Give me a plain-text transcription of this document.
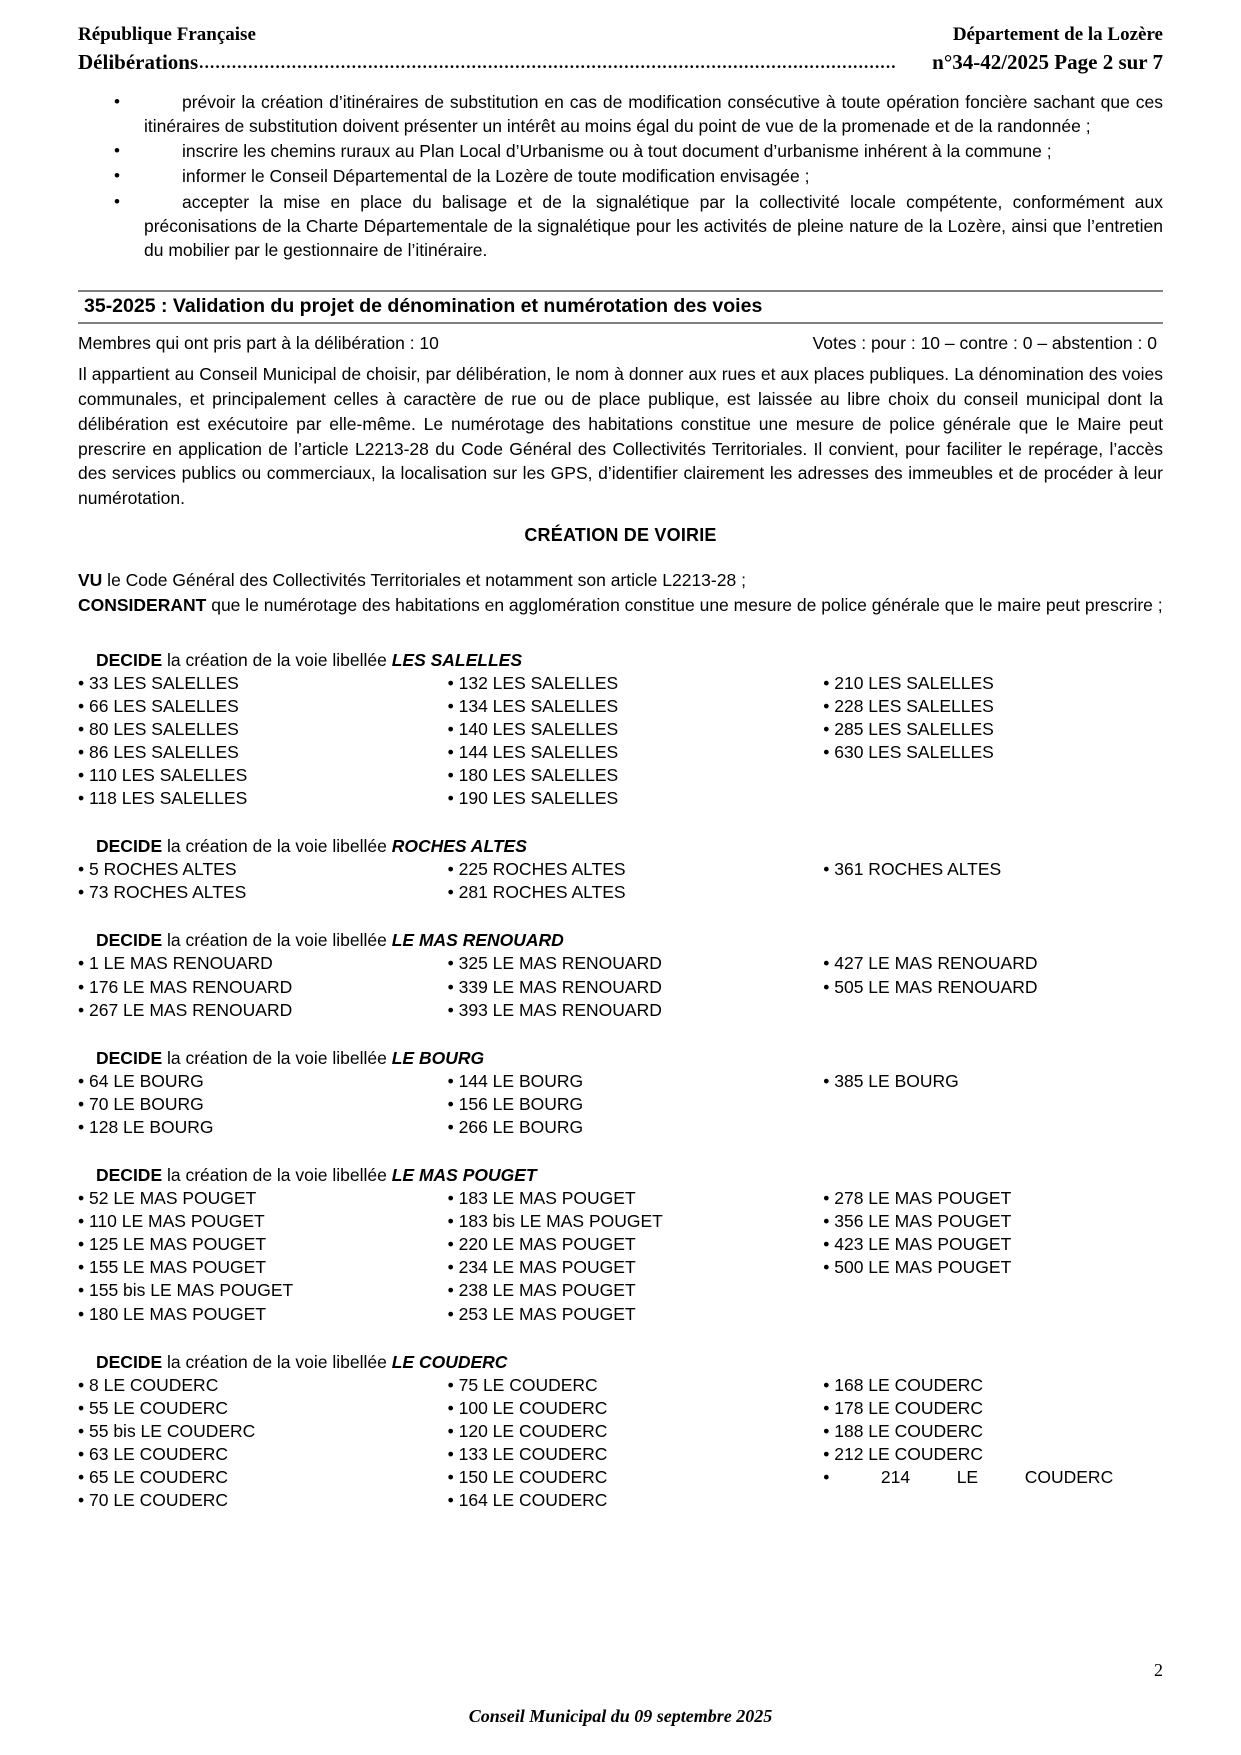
République Française	Département de la Lozère
Délibérations ................................................................................................................................	n°34-42/2025 Page 2 sur 7
• prévoir la création d’itinéraires de substitution en cas de modification consécutive à toute opération foncière sachant que ces itinéraires de substitution doivent présenter un intérêt au moins égal du point de vue de la promenade et de la randonnée ;
• inscrire les chemins ruraux au Plan Local d’Urbanisme ou à tout document d’urbanisme inhérent à la commune ;
• informer le Conseil Départemental de la Lozère de toute modification envisagée ;
• accepter la mise en place du balisage et de la signalétique par la collectivité locale compétente, conformément aux préconisations de la Charte Départementale de la signalétique pour les activités de pleine nature de la Lozère, ainsi que l’entretien du mobilier par le gestionnaire de l’itinéraire.
35-2025 : Validation du projet de dénomination et numérotation des voies
Membres qui ont pris part à la délibération : 10	Votes : pour : 10 – contre : 0 – abstention : 0
Il appartient au Conseil Municipal de choisir, par délibération, le nom à donner aux rues et aux places publiques. La dénomination des voies communales, et principalement celles à caractère de rue ou de place publique, est laissée au libre choix du conseil municipal dont la délibération est exécutoire par elle-même. Le numérotage des habitations constitue une mesure de police générale que le Maire peut prescrire en application de l’article L2213-28 du Code Général des Collectivités Territoriales. Il convient, pour faciliter le repérage, l’accès des services publics ou commerciaux, la localisation sur les GPS, d’identifier clairement les adresses des immeubles et de procéder à leur numérotation.
CRÉATION DE VOIRIE
VU le Code Général des Collectivités Territoriales et notamment son article L2213-28 ;
CONSIDERANT que le numérotage des habitations en agglomération constitue une mesure de police générale que le maire peut prescrire ;
DECIDE la création de la voie libellée LES SALELLES
• 33 LES SALELLES
• 66 LES SALELLES
• 80 LES SALELLES
• 86 LES SALELLES
• 110 LES SALELLES
• 118 LES SALELLES
• 132 LES SALELLES
• 134 LES SALELLES
• 140 LES SALELLES
• 144 LES SALELLES
• 180 LES SALELLES
• 190 LES SALELLES
• 210 LES SALELLES
• 228 LES SALELLES
• 285 LES SALELLES
• 630 LES SALELLES
DECIDE la création de la voie libellée ROCHES ALTES
• 5 ROCHES ALTES
• 73 ROCHES ALTES
• 225 ROCHES ALTES
• 281 ROCHES ALTES
• 361 ROCHES ALTES
DECIDE la création de la voie libellée LE MAS RENOUARD
• 1 LE MAS RENOUARD
• 176 LE MAS RENOUARD
• 267 LE MAS RENOUARD
• 325 LE MAS RENOUARD
• 339 LE MAS RENOUARD
• 393 LE MAS RENOUARD
• 427 LE MAS RENOUARD
• 505 LE MAS RENOUARD
DECIDE la création de la voie libellée LE BOURG
• 64 LE BOURG
• 70 LE BOURG
• 128 LE BOURG
• 144 LE BOURG
• 156 LE BOURG
• 266 LE BOURG
• 385 LE BOURG
DECIDE la création de la voie libellée LE MAS POUGET
• 52 LE MAS POUGET
• 110 LE MAS POUGET
• 125 LE MAS POUGET
• 155 LE MAS POUGET
• 155 bis LE MAS POUGET
• 180 LE MAS POUGET
• 183 LE MAS POUGET
• 183 bis LE MAS POUGET
• 220 LE MAS POUGET
• 234 LE MAS POUGET
• 238 LE MAS POUGET
• 253 LE MAS POUGET
• 278 LE MAS POUGET
• 356 LE MAS POUGET
• 423 LE MAS POUGET
• 500 LE MAS POUGET
DECIDE la création de la voie libellée LE COUDERC
• 8 LE COUDERC
• 55 LE COUDERC
• 55 bis LE COUDERC
• 63 LE COUDERC
• 65 LE COUDERC
• 70 LE COUDERC
• 75 LE COUDERC
• 100 LE COUDERC
• 120 LE COUDERC
• 133 LE COUDERC
• 150 LE COUDERC
• 164 LE COUDERC
• 168 LE COUDERC
• 178 LE COUDERC
• 188 LE COUDERC
• 212 LE COUDERC
• 214	LE	COUDERC
2
Conseil Municipal du 09 septembre 2025
